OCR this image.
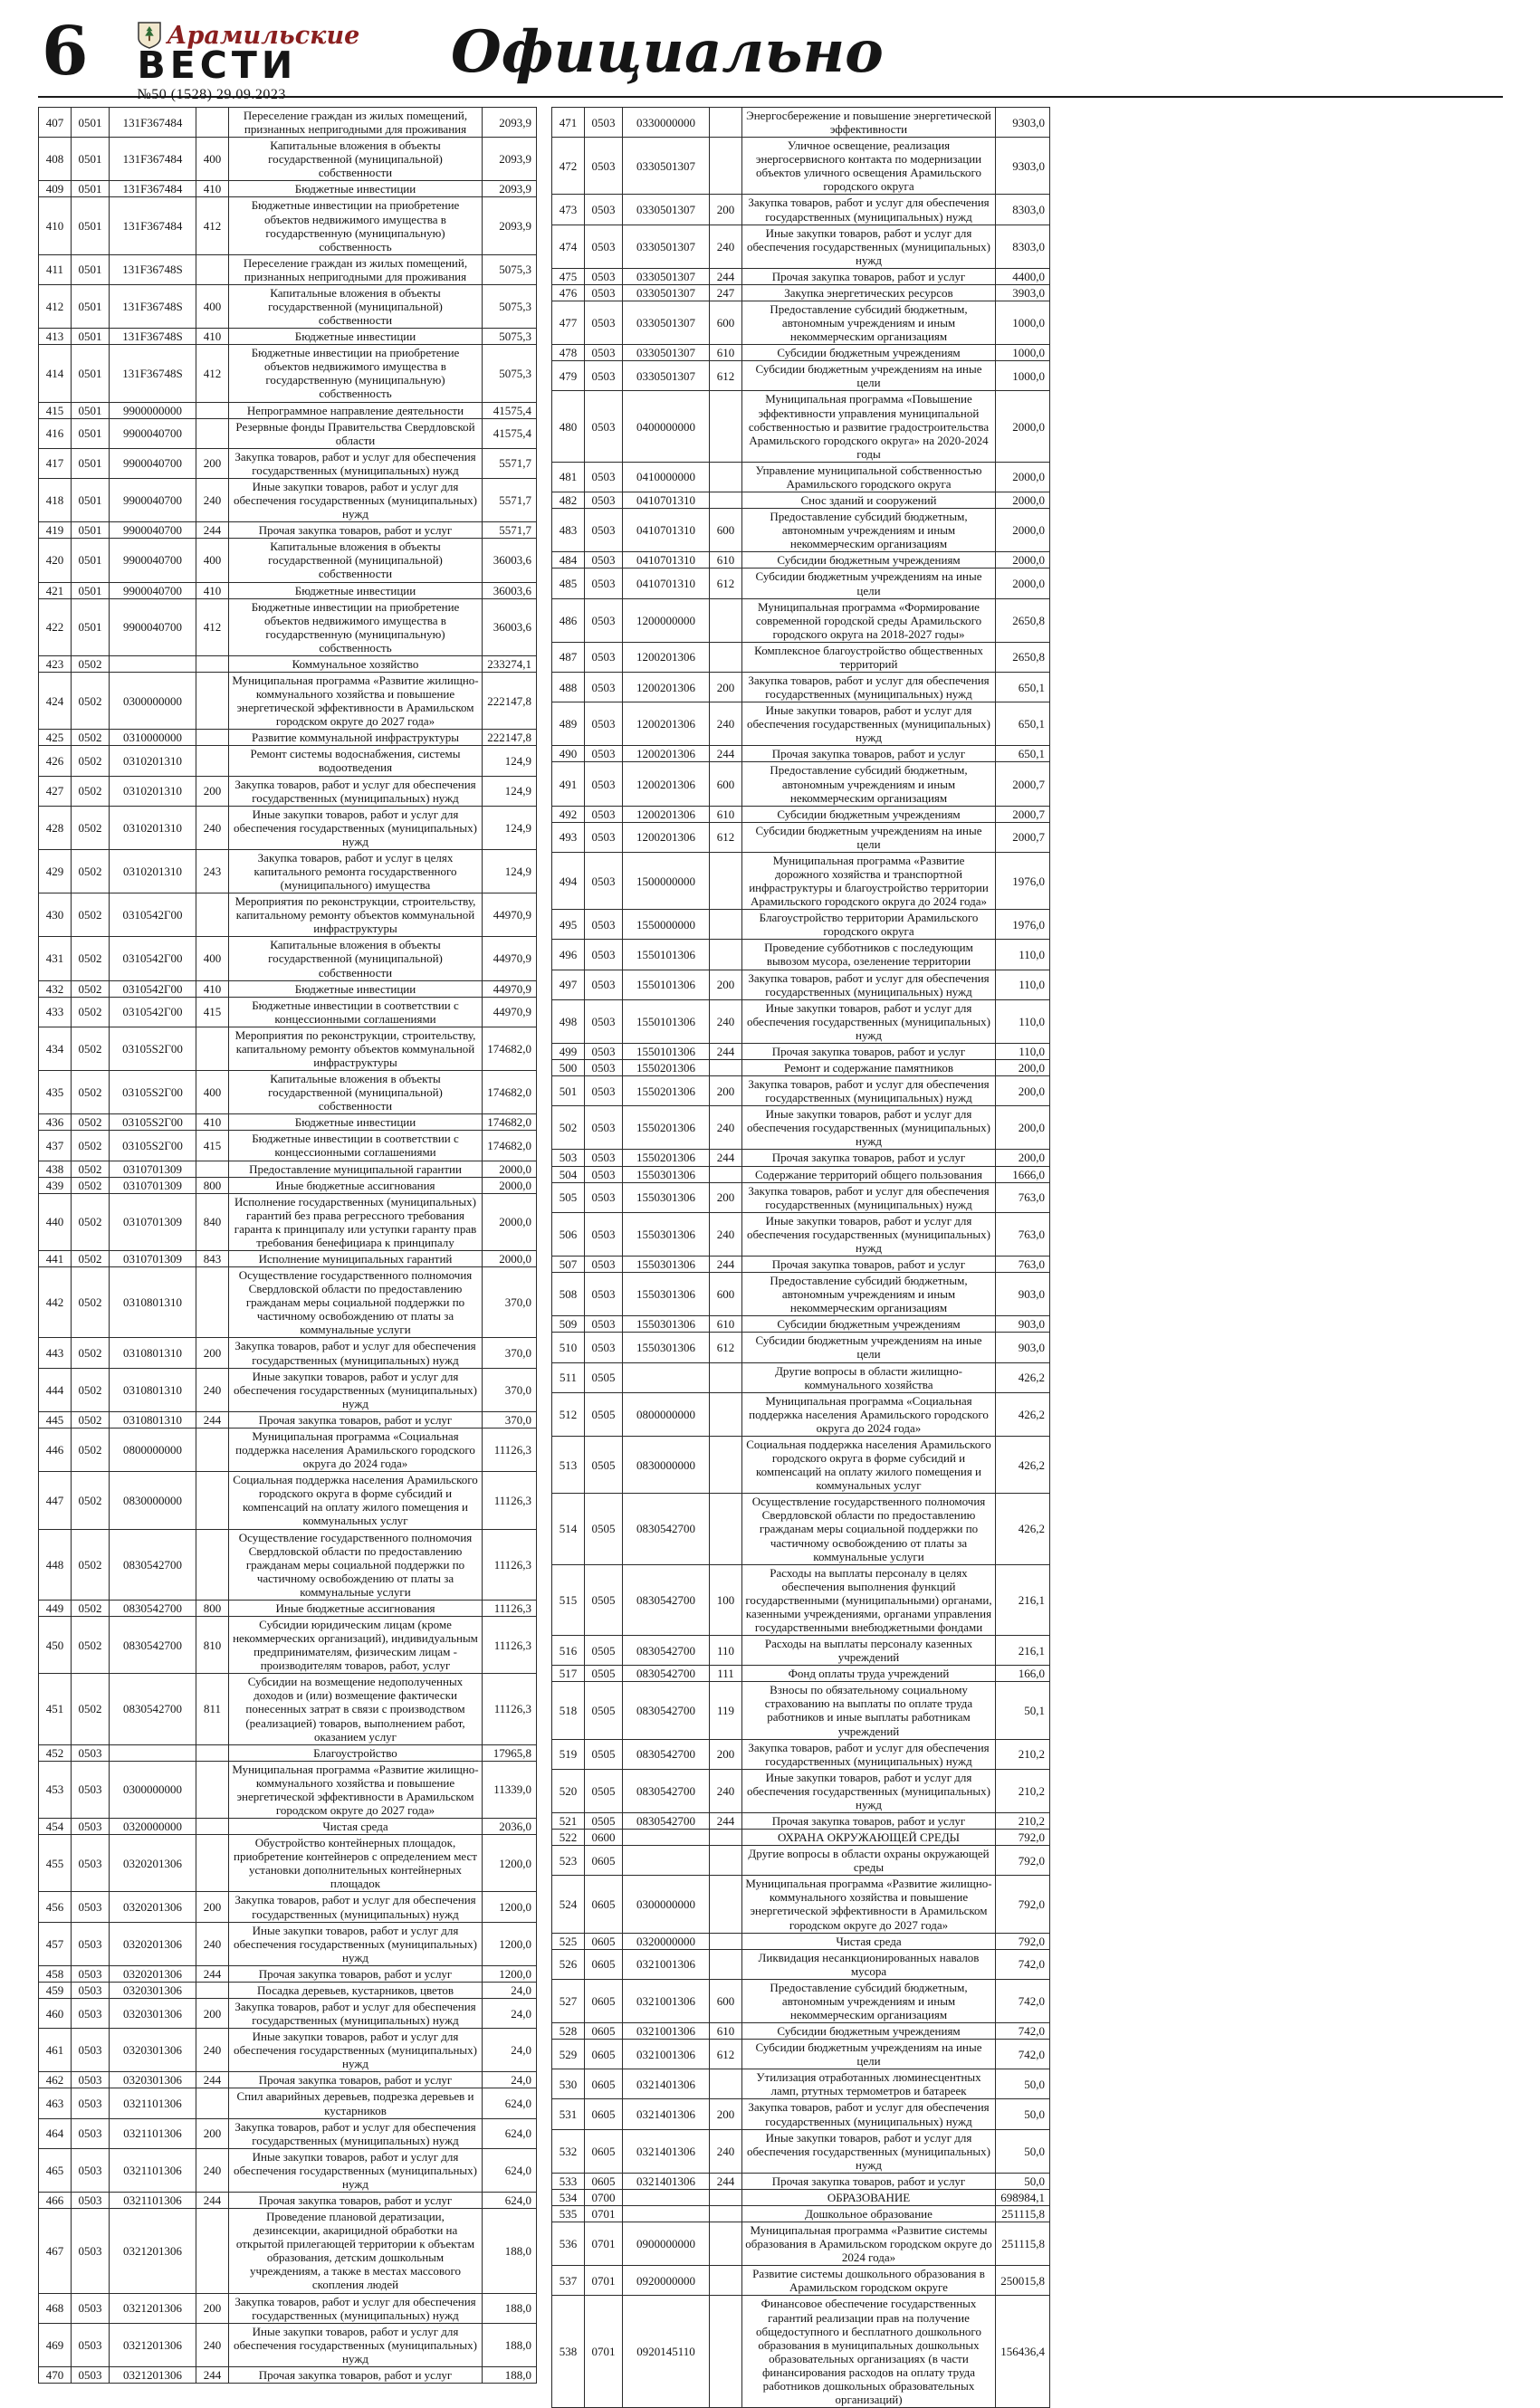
6	Арамильские
ВЕСТИ
№50 (1528) 29.09.2023
Официально
407	0501	131F367484		Переселение граждан из жилых помещений, признанных непригодными для проживания	2093,9
408	0501	131F367484	400	Капитальные вложения в объекты государственной (муниципальной) собственности	2093,9
409	0501	131F367484	410	Бюджетные инвестиции	2093,9
410	0501	131F367484	412	Бюджетные инвестиции на приобретение объектов недвижимого имущества в государственную (муниципальную) собственность	2093,9
411	0501	131F36748S		Переселение граждан из жилых помещений, признанных непригодными для проживания	5075,3
412	0501	131F36748S	400	Капитальные вложения в объекты государственной (муниципальной) собственности	5075,3
413	0501	131F36748S	410	Бюджетные инвестиции	5075,3
414	0501	131F36748S	412	Бюджетные инвестиции на приобретение объектов недвижимого имущества в государственную (муниципальную) собственность	5075,3
415	0501	9900000000		Непрограммное направление деятельности	41575,4
416	0501	9900040700		Резервные фонды Правительства Свердловской области	41575,4
417	0501	9900040700	200	Закупка товаров, работ и услуг для обеспечения государственных (муниципальных) нужд	5571,7
418	0501	9900040700	240	Иные закупки товаров, работ и услуг для обеспечения государственных (муниципальных) нужд	5571,7
419	0501	9900040700	244	Прочая закупка товаров, работ и услуг	5571,7
420	0501	9900040700	400	Капитальные вложения в объекты государственной (муниципальной) собственности	36003,6
421	0501	9900040700	410	Бюджетные инвестиции	36003,6
422	0501	9900040700	412	Бюджетные инвестиции на приобретение объектов недвижимого имущества в государственную (муниципальную) собственность	36003,6
423	0502			Коммунальное хозяйство	233274,1
424	0502	0300000000		Муниципальная программа «Развитие жилищно-коммунального хозяйства и повышение энергетической эффективности в Арамильском городском округе до 2027 года»	222147,8
425	0502	0310000000		Развитие коммунальной инфраструктуры	222147,8
426	0502	0310201310		Ремонт системы водоснабжения, системы водоотведения	124,9
427	0502	0310201310	200	Закупка товаров, работ и услуг для обеспечения государственных (муниципальных) нужд	124,9
428	0502	0310201310	240	Иные закупки товаров, работ и услуг для обеспечения государственных (муниципальных) нужд	124,9
429	0502	0310201310	243	Закупка товаров, работ и услуг в целях капитального ремонта государственного (муниципального) имущества	124,9
430	0502	0310542Г00		Мероприятия по реконструкции, строительству, капитальному ремонту объектов коммунальной инфраструктуры	44970,9
431	0502	0310542Г00	400	Капитальные вложения в объекты государственной (муниципальной) собственности	44970,9
432	0502	0310542Г00	410	Бюджетные инвестиции	44970,9
433	0502	0310542Г00	415	Бюджетные инвестиции в соответствии с концессионными соглашениями	44970,9
434	0502	03105S2Г00		Мероприятия по реконструкции, строительству, капитальному ремонту объектов коммунальной инфраструктуры	174682,0
435	0502	03105S2Г00	400	Капитальные вложения в объекты государственной (муниципальной) собственности	174682,0
436	0502	03105S2Г00	410	Бюджетные инвестиции	174682,0
437	0502	03105S2Г00	415	Бюджетные инвестиции в соответствии с концессионными соглашениями	174682,0
438	0502	0310701309		Предоставление муниципальной гарантии	2000,0
439	0502	0310701309	800	Иные бюджетные ассигнования	2000,0
440	0502	0310701309	840	Исполнение государственных (муниципальных) гарантий без права регрессного требования гаранта к принципалу или уступки гаранту прав требования бенефициара к принципалу	2000,0
441	0502	0310701309	843	Исполнение муниципальных гарантий	2000,0
442	0502	0310801310		Осуществление государственного полномочия Свердловской области по предоставлению гражданам меры социальной поддержки по частичному освобождению от платы за коммунальные услуги	370,0
443	0502	0310801310	200	Закупка товаров, работ и услуг для обеспечения государственных (муниципальных) нужд	370,0
444	0502	0310801310	240	Иные закупки товаров, работ и услуг для обеспечения государственных (муниципальных) нужд	370,0
445	0502	0310801310	244	Прочая закупка товаров, работ и услуг	370,0
446	0502	0800000000		Муниципальная программа «Социальная поддержка населения Арамильского городского округа до 2024 года»	11126,3
447	0502	0830000000		Социальная поддержка населения Арамильского городского округа в форме субсидий и компенсаций на оплату жилого помещения и коммунальных услуг	11126,3
448	0502	0830542700		Осуществление государственного полномочия Свердловской области по предоставлению гражданам меры социальной поддержки по частичному освобождению от платы за коммунальные услуги	11126,3
449	0502	0830542700	800	Иные бюджетные ассигнования	11126,3
450	0502	0830542700	810	Субсидии юридическим лицам (кроме некоммерческих организаций), индивидуальным предпринимателям, физическим лицам - производителям товаров, работ, услуг	11126,3
451	0502	0830542700	811	Субсидии на возмещение недополученных доходов и (или) возмещение фактически понесенных затрат в связи с производством (реализацией) товаров, выполнением работ, оказанием услуг	11126,3
452	0503			Благоустройство	17965,8
453	0503	0300000000		Муниципальная программа «Развитие жилищно-коммунального хозяйства и повышение энергетической эффективности в Арамильском городском округе до 2027 года»	11339,0
454	0503	0320000000		Чистая среда	2036,0
455	0503	0320201306		Обустройство контейнерных площадок, приобретение контейнеров с определением мест установки дополнительных контейнерных площадок	1200,0
456	0503	0320201306	200	Закупка товаров, работ и услуг для обеспечения государственных (муниципальных) нужд	1200,0
457	0503	0320201306	240	Иные закупки товаров, работ и услуг для обеспечения государственных (муниципальных) нужд	1200,0
458	0503	0320201306	244	Прочая закупка товаров, работ и услуг	1200,0
459	0503	0320301306		Посадка деревьев, кустарников, цветов	24,0
460	0503	0320301306	200	Закупка товаров, работ и услуг для обеспечения государственных (муниципальных) нужд	24,0
461	0503	0320301306	240	Иные закупки товаров, работ и услуг для обеспечения государственных (муниципальных) нужд	24,0
462	0503	0320301306	244	Прочая закупка товаров, работ и услуг	24,0
463	0503	0321101306		Спил аварийных деревьев, подрезка деревьев и кустарников	624,0
464	0503	0321101306	200	Закупка товаров, работ и услуг для обеспечения государственных (муниципальных) нужд	624,0
465	0503	0321101306	240	Иные закупки товаров, работ и услуг для обеспечения государственных (муниципальных) нужд	624,0
466	0503	0321101306	244	Прочая закупка товаров, работ и услуг	624,0
467	0503	0321201306		Проведение плановой дератизации, дезинсекции, акарицидной обработки на открытой прилегающей территории к объектам образования, детским дошкольным учреждениям, а также в местах массового скопления людей	188,0
468	0503	0321201306	200	Закупка товаров, работ и услуг для обеспечения государственных (муниципальных) нужд	188,0
469	0503	0321201306	240	Иные закупки товаров, работ и услуг для обеспечения государственных (муниципальных) нужд	188,0
470	0503	0321201306	244	Прочая закупка товаров, работ и услуг	188,0
471	0503	0330000000		Энергосбережение и повышение энергетической эффективности	9303,0
472	0503	0330501307		Уличное освещение, реализация энергосервисного контакта по модернизации объектов уличного освещения Арамильского городского округа	9303,0
473	0503	0330501307	200	Закупка товаров, работ и услуг для обеспечения государственных (муниципальных) нужд	8303,0
474	0503	0330501307	240	Иные закупки товаров, работ и услуг для обеспечения государственных (муниципальных) нужд	8303,0
475	0503	0330501307	244	Прочая закупка товаров, работ и услуг	4400,0
476	0503	0330501307	247	Закупка энергетических ресурсов	3903,0
477	0503	0330501307	600	Предоставление субсидий бюджетным, автономным учреждениям и иным некоммерческим организациям	1000,0
478	0503	0330501307	610	Субсидии бюджетным учреждениям	1000,0
479	0503	0330501307	612	Субсидии бюджетным учреждениям на иные цели	1000,0
480	0503	0400000000		Муниципальная программа «Повышение эффективности управления муниципальной собственностью и развитие градостроительства Арамильского городского округа» на 2020-2024 годы	2000,0
481	0503	0410000000		Управление муниципальной собственностью Арамильского городского округа	2000,0
482	0503	0410701310		Снос зданий и сооружений	2000,0
483	0503	0410701310	600	Предоставление субсидий бюджетным, автономным учреждениям и иным некоммерческим организациям	2000,0
484	0503	0410701310	610	Субсидии бюджетным учреждениям	2000,0
485	0503	0410701310	612	Субсидии бюджетным учреждениям на иные цели	2000,0
486	0503	1200000000		Муниципальная программа «Формирование современной городской среды Арамильского городского округа на 2018-2027 годы»	2650,8
487	0503	1200201306		Комплексное благоустройство общественных территорий	2650,8
488	0503	1200201306	200	Закупка товаров, работ и услуг для обеспечения государственных (муниципальных) нужд	650,1
489	0503	1200201306	240	Иные закупки товаров, работ и услуг для обеспечения государственных (муниципальных) нужд	650,1
490	0503	1200201306	244	Прочая закупка товаров, работ и услуг	650,1
491	0503	1200201306	600	Предоставление субсидий бюджетным, автономным учреждениям и иным некоммерческим организациям	2000,7
492	0503	1200201306	610	Субсидии бюджетным учреждениям	2000,7
493	0503	1200201306	612	Субсидии бюджетным учреждениям на иные цели	2000,7
494	0503	1500000000		Муниципальная программа «Развитие дорожного хозяйства и транспортной инфраструктуры и благоустройство территории Арамильского городского округа до 2024 года»	1976,0
495	0503	1550000000		Благоустройство территории Арамильского городского округа	1976,0
496	0503	1550101306		Проведение субботников с последующим вывозом мусора, озеленение территории	110,0
497	0503	1550101306	200	Закупка товаров, работ и услуг для обеспечения государственных (муниципальных) нужд	110,0
498	0503	1550101306	240	Иные закупки товаров, работ и услуг для обеспечения государственных (муниципальных) нужд	110,0
499	0503	1550101306	244	Прочая закупка товаров, работ и услуг	110,0
500	0503	1550201306		Ремонт и содержание памятников	200,0
501	0503	1550201306	200	Закупка товаров, работ и услуг для обеспечения государственных (муниципальных) нужд	200,0
502	0503	1550201306	240	Иные закупки товаров, работ и услуг для обеспечения государственных (муниципальных) нужд	200,0
503	0503	1550201306	244	Прочая закупка товаров, работ и услуг	200,0
504	0503	1550301306		Содержание территорий общего пользования	1666,0
505	0503	1550301306	200	Закупка товаров, работ и услуг для обеспечения государственных (муниципальных) нужд	763,0
506	0503	1550301306	240	Иные закупки товаров, работ и услуг для обеспечения государственных (муниципальных) нужд	763,0
507	0503	1550301306	244	Прочая закупка товаров, работ и услуг	763,0
508	0503	1550301306	600	Предоставление субсидий бюджетным, автономным учреждениям и иным некоммерческим организациям	903,0
509	0503	1550301306	610	Субсидии бюджетным учреждениям	903,0
510	0503	1550301306	612	Субсидии бюджетным учреждениям на иные цели	903,0
511	0505			Другие вопросы в области жилищно-коммунального хозяйства	426,2
512	0505	0800000000		Муниципальная программа «Социальная поддержка населения Арамильского городского округа до 2024 года»	426,2
513	0505	0830000000		Социальная поддержка населения Арамильского городского округа в форме субсидий и компенсаций на оплату жилого помещения и коммунальных услуг	426,2
514	0505	0830542700		Осуществление государственного полномочия Свердловской области по предоставлению гражданам меры социальной поддержки по частичному освобождению от платы за коммунальные услуги	426,2
515	0505	0830542700	100	Расходы на выплаты персоналу в целях обеспечения выполнения функций государственными (муниципальными) органами, казенными учреждениями, органами управления государственными внебюджетными фондами	216,1
516	0505	0830542700	110	Расходы на выплаты персоналу казенных учреждений	216,1
517	0505	0830542700	111	Фонд оплаты труда учреждений	166,0
518	0505	0830542700	119	Взносы по обязательному социальному страхованию на выплаты по оплате труда работников и иные выплаты работникам учреждений	50,1
519	0505	0830542700	200	Закупка товаров, работ и услуг для обеспечения государственных (муниципальных) нужд	210,2
520	0505	0830542700	240	Иные закупки товаров, работ и услуг для обеспечения государственных (муниципальных) нужд	210,2
521	0505	0830542700	244	Прочая закупка товаров, работ и услуг	210,2
522	0600			ОХРАНА ОКРУЖАЮЩЕЙ СРЕДЫ	792,0
523	0605			Другие вопросы в области охраны окружающей среды	792,0
524	0605	0300000000		Муниципальная программа «Развитие жилищно-коммунального хозяйства и повышение энергетической эффективности в Арамильском городском округе до 2027 года»	792,0
525	0605	0320000000		Чистая среда	792,0
526	0605	0321001306		Ликвидация несанкционированных навалов мусора	742,0
527	0605	0321001306	600	Предоставление субсидий бюджетным, автономным учреждениям и иным некоммерческим организациям	742,0
528	0605	0321001306	610	Субсидии бюджетным учреждениям	742,0
529	0605	0321001306	612	Субсидии бюджетным учреждениям на иные цели	742,0
530	0605	0321401306		Утилизация отработанных люминесцентных ламп, ртутных термометров и батареек	50,0
531	0605	0321401306	200	Закупка товаров, работ и услуг для обеспечения государственных (муниципальных) нужд	50,0
532	0605	0321401306	240	Иные закупки товаров, работ и услуг для обеспечения государственных (муниципальных) нужд	50,0
533	0605	0321401306	244	Прочая закупка товаров, работ и услуг	50,0
534	0700			ОБРАЗОВАНИЕ	698984,1
535	0701			Дошкольное образование	251115,8
536	0701	0900000000		Муниципальная программа «Развитие системы образования в Арамильском городском округе до 2024 года»	251115,8
537	0701	0920000000		Развитие системы дошкольного образования в Арамильском городском округе	250015,8
538	0701	0920145110		Финансовое обеспечение государственных гарантий реализации прав на получение общедоступного и бесплатного дошкольного образования в муниципальных дошкольных образовательных организациях (в части финансирования расходов на оплату труда работников дошкольных образовательных организаций)	156436,4
